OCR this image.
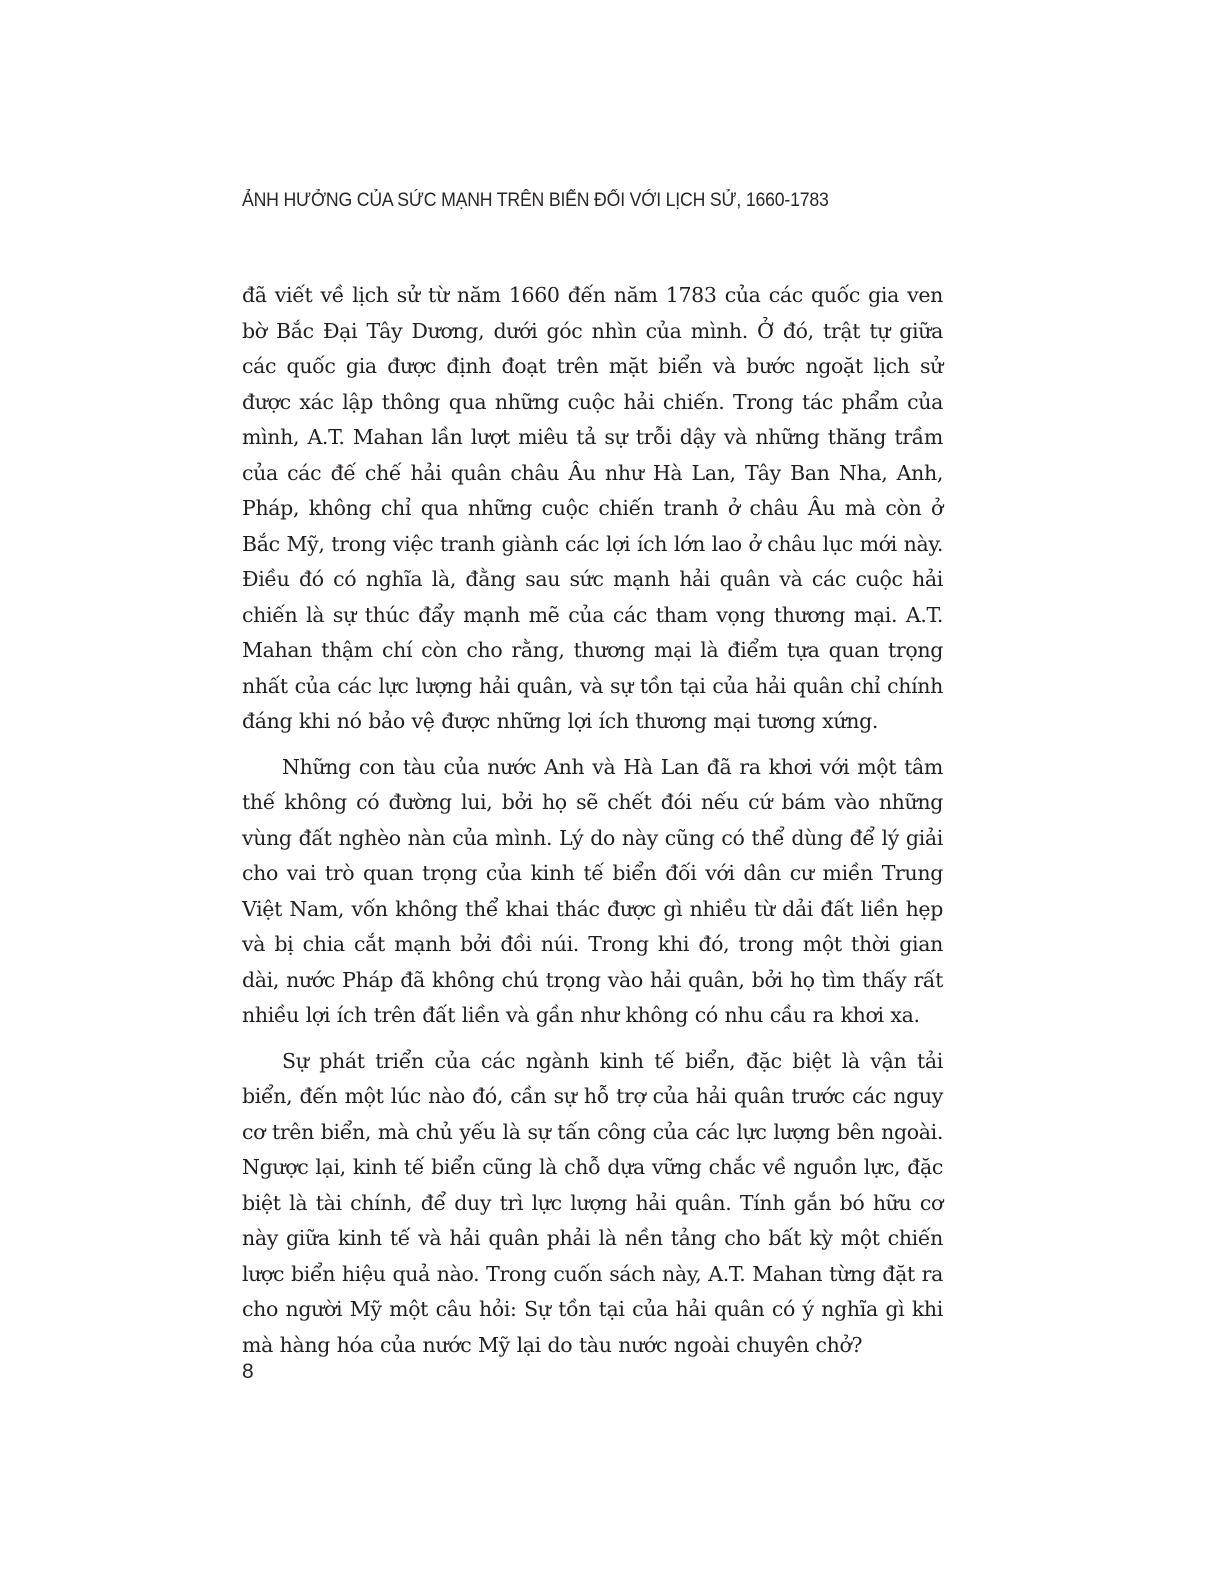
ẢNH HƯỞNG CỦA SỨC MẠNH TRÊN BIỂN ĐỐI VỚI LỊCH SỬ, 1660-1783

đã viết về lịch sử từ năm 1660 đến năm 1783 của các quốc gia ven bờ Bắc Đại Tây Dương, dưới góc nhìn của mình. Ở đó, trật tự giữa các quốc gia được định đoạt trên mặt biển và bước ngoặt lịch sử được xác lập thông qua những cuộc hải chiến. Trong tác phẩm của mình, A.T. Mahan lần lượt miêu tả sự trỗi dậy và những thăng trầm của các đế chế hải quân châu Âu như Hà Lan, Tây Ban Nha, Anh, Pháp, không chỉ qua những cuộc chiến tranh ở châu Âu mà còn ở Bắc Mỹ, trong việc tranh giành các lợi ích lớn lao ở châu lục mới này. Điều đó có nghĩa là, đằng sau sức mạnh hải quân và các cuộc hải chiến là sự thúc đẩy mạnh mẽ của các tham vọng thương mại. A.T. Mahan thậm chí còn cho rằng, thương mại là điểm tựa quan trọng nhất của các lực lượng hải quân, và sự tồn tại của hải quân chỉ chính đáng khi nó bảo vệ được những lợi ích thương mại tương xứng.

Những con tàu của nước Anh và Hà Lan đã ra khơi với một tâm thế không có đường lui, bởi họ sẽ chết đói nếu cứ bám vào những vùng đất nghèo nàn của mình. Lý do này cũng có thể dùng để lý giải cho vai trò quan trọng của kinh tế biển đối với dân cư miền Trung Việt Nam, vốn không thể khai thác được gì nhiều từ dải đất liền hẹp và bị chia cắt mạnh bởi đồi núi. Trong khi đó, trong một thời gian dài, nước Pháp đã không chú trọng vào hải quân, bởi họ tìm thấy rất nhiều lợi ích trên đất liền và gần như không có nhu cầu ra khơi xa.

Sự phát triển của các ngành kinh tế biển, đặc biệt là vận tải biển, đến một lúc nào đó, cần sự hỗ trợ của hải quân trước các nguy cơ trên biển, mà chủ yếu là sự tấn công của các lực lượng bên ngoài. Ngược lại, kinh tế biển cũng là chỗ dựa vững chắc về nguồn lực, đặc biệt là tài chính, để duy trì lực lượng hải quân. Tính gắn bó hữu cơ này giữa kinh tế và hải quân phải là nền tảng cho bất kỳ một chiến lược biển hiệu quả nào. Trong cuốn sách này, A.T. Mahan từng đặt ra cho người Mỹ một câu hỏi: Sự tồn tại của hải quân có ý nghĩa gì khi mà hàng hóa của nước Mỹ lại do tàu nước ngoài chuyên chở?

8
